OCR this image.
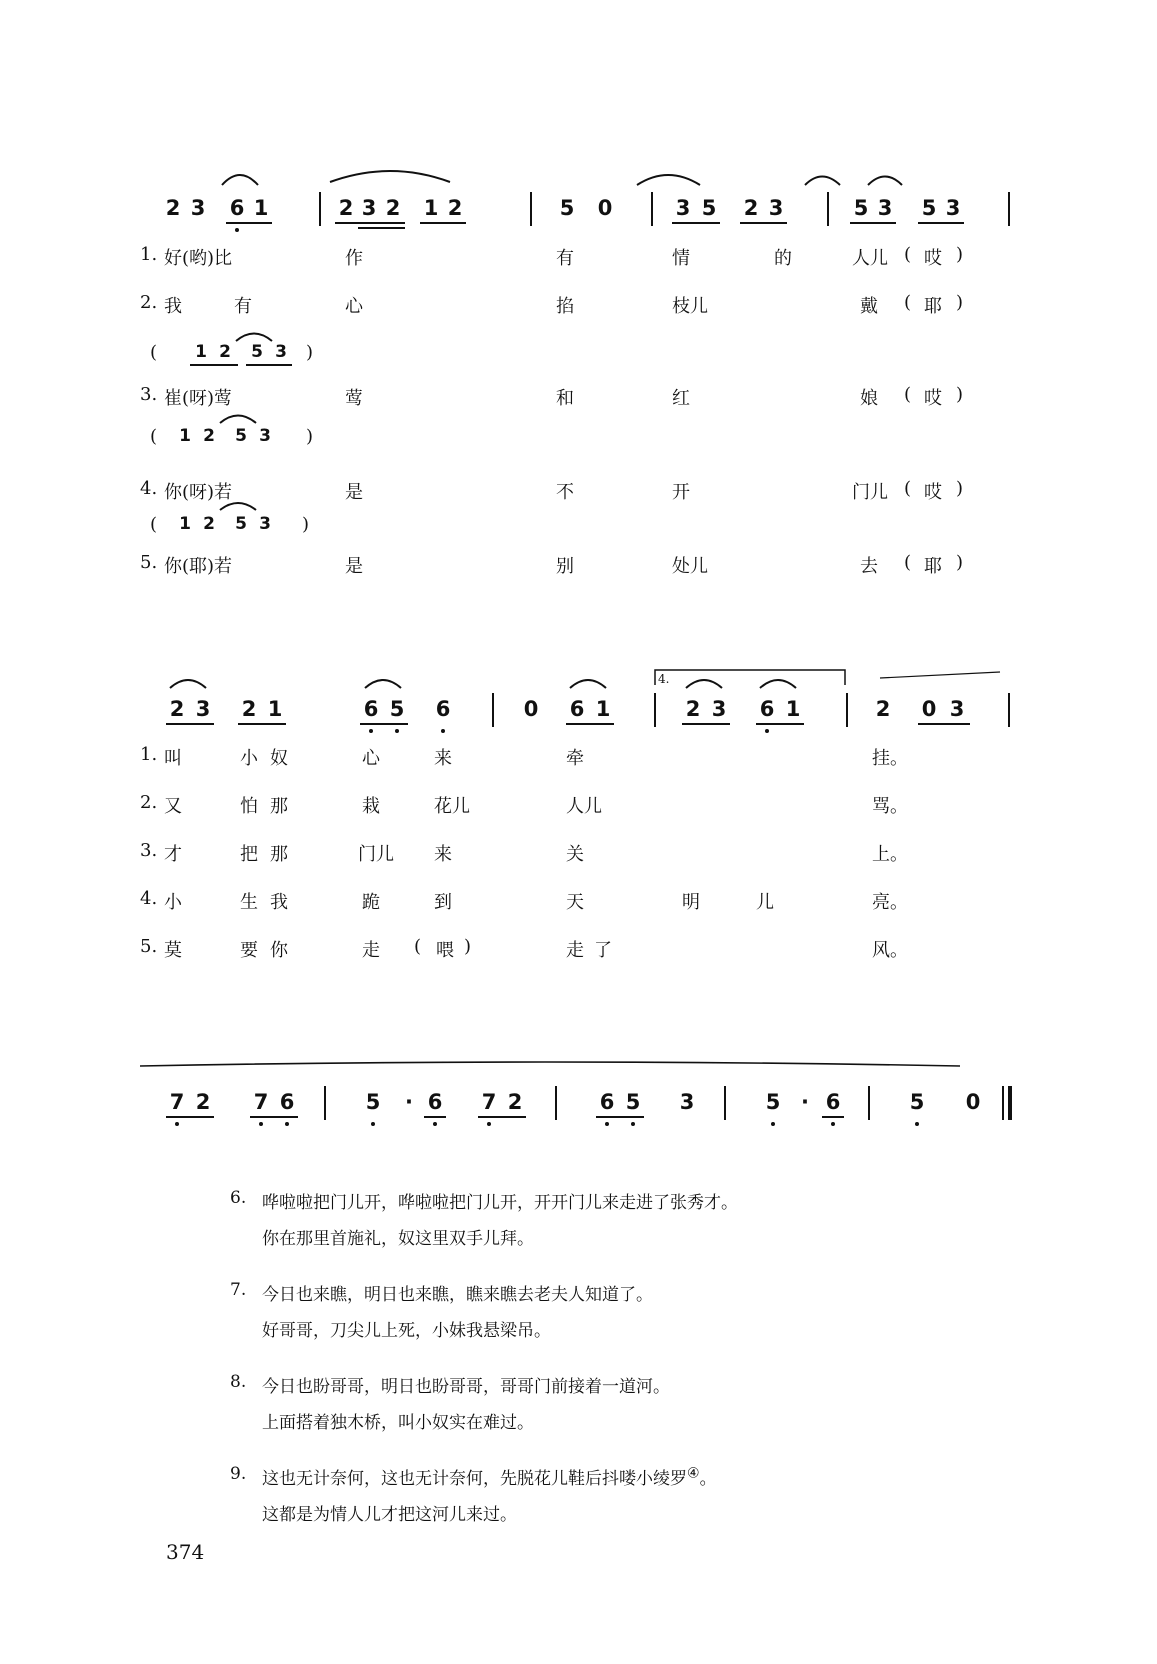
2 3 6 1	2 3 2 1 2	5 0	3 5 2 3	5 3 5 3
1. 好(哟)比	作	有	情	的	人儿 ( 哎 )
2. 我	有	心	掐	枝儿	戴 ( 耶 )
( 1 2 5 3 )
3. 崔(呀)莺	莺	和	红	娘 ( 哎 )
( 1 2 5 3 )
4. 你(呀)若	是	不	开	门儿 ( 哎 )
( 1 2 5 3 )
5. 你(耶)若	是	别	处儿	去 ( 耶 )
4.
2 3 2 1	6 5 6	0 6 1	2 3 6 1	2 0 3
1. 叫	小 奴	心	来	牵	挂。
2. 又	怕 那	栽	花儿	人儿	骂。
3. 才	把 那	门儿 来	关	上。
4. 小	生 我	跪	到	天	明	儿	亮。
5. 莫	要 你	走 ( 喂 )	走 了	风。
7 2 7 6	5	· 6 7 2	6 5 3	5 · 6	5 0
6. 哗啦啦把门儿开，哗啦啦把门儿开，开开门儿来走进了张秀才。
你在那里首施礼，奴这里双手儿拜。
7. 今日也来瞧，明日也来瞧，瞧来瞧去老夫人知道了。
好哥哥，刀尖儿上死，小妹我悬梁吊。
8. 今日也盼哥哥，明日也盼哥哥，哥哥门前接着一道河。
上面搭着独木桥，叫小奴实在难过。
9. 这也无计奈何，这也无计奈何，先脱花儿鞋后抖喽小绫罗④。
这都是为情人儿才把这河儿来过。
374
